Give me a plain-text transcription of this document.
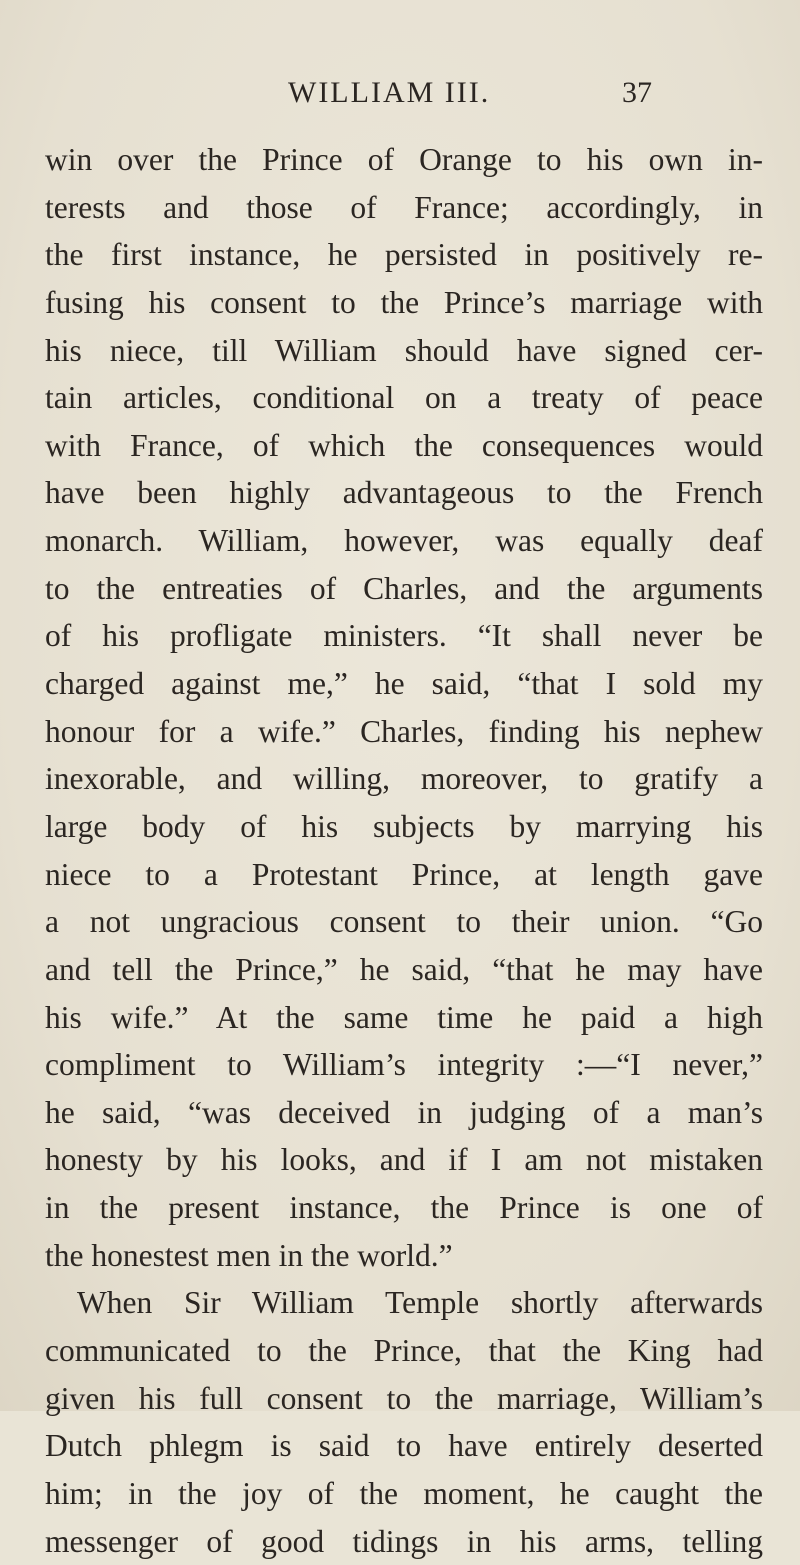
WILLIAM III.	37
win over the Prince of Orange to his own in-
terests and those of France; accordingly, in
the first instance, he persisted in positively re-
fusing his consent to the Prince’s marriage with
his niece, till William should have signed cer-
tain articles, conditional on a treaty of peace
with France, of which the consequences would
have been highly advantageous to the French
monarch. William, however, was equally deaf
to the entreaties of Charles, and the arguments
of his profligate ministers. “It shall never be
charged against me,” he said, “that I sold my
honour for a wife.” Charles, finding his nephew
inexorable, and willing, moreover, to gratify a
large body of his subjects by marrying his
niece to a Protestant Prince, at length gave
a not ungracious consent to their union. “Go
and tell the Prince,” he said, “that he may have
his wife.” At the same time he paid a high
compliment to William’s integrity :—“I never,”
he said, “was deceived in judging of a man’s
honesty by his looks, and if I am not mistaken
in the present instance, the Prince is one of
the honestest men in the world.”
When Sir William Temple shortly afterwards
communicated to the Prince, that the King had
given his full consent to the marriage, William’s
Dutch phlegm is said to have entirely deserted
him; in the joy of the moment, he caught the
messenger of good tidings in his arms, telling
